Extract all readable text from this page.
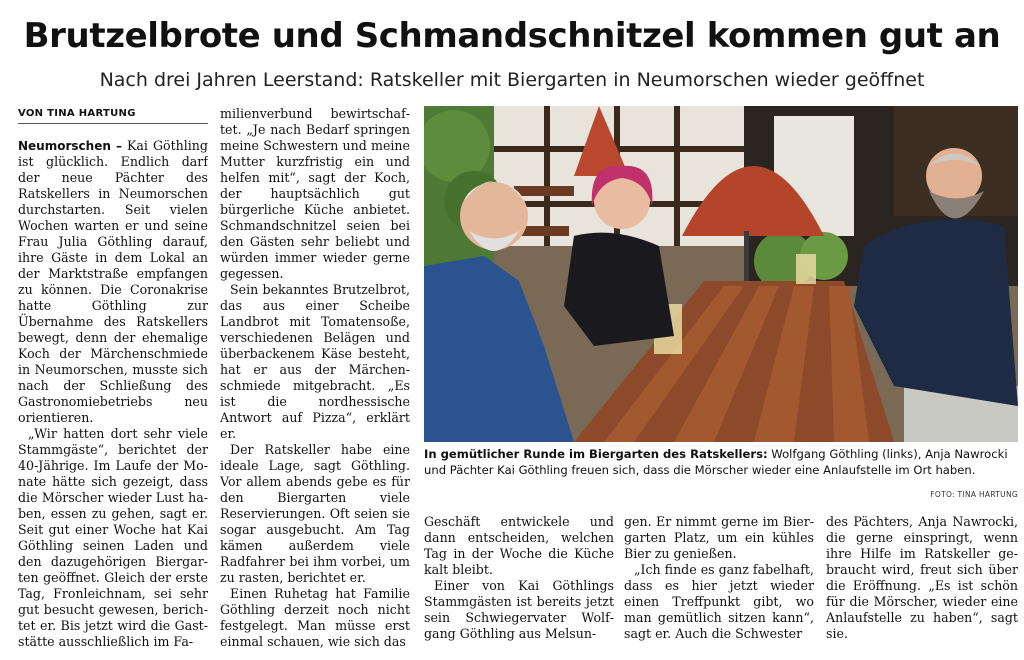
Brutzelbrote und Schmandschnitzel kommen gut an
Nach drei Jahren Leerstand: Ratskeller mit Biergarten in Neumorschen wieder geöffnet
VON TINA HARTUNG

Neumorschen – Kai Göthling ist glücklich. Endlich darf der neue Pächter des Ratskellers in Neumorschen durchstarten. Seit vielen Wochen warten er und seine Frau Julia Göthling darauf, ihre Gäste in dem Lokal an der Marktstraße empfangen zu können. Die Coronakrise hatte Göthling zur Übernahme des Ratskellers bewegt, denn der ehemalige Koch der Märchenschmiede in Neumorschen, musste sich nach der Schließung des Gastronomiebetriebs neu orientieren.

„Wir hatten dort sehr viele Stammgäste“, berichtet der 40-Jährige. Im Laufe der Monate hätte sich gezeigt, dass die Mörscher wieder Lust haben, essen zu gehen, sagt er. Seit gut einer Woche hat Kai Göthling seinen Laden und den dazugehörigen Biergarten geöffnet. Gleich der erste Tag, Fronleichnam, sei sehr gut besucht gewesen, berichtet er. Bis jetzt wird die Gaststätte ausschließlich im Fa-

milienverbund bewirtschaftet. „Je nach Bedarf springen meine Schwestern und meine Mutter kurzfristig ein und helfen mit“, sagt der Koch, der hauptsächlich gut bürgerliche Küche anbietet. Schmandschnitzel seien bei den Gästen sehr beliebt und würden immer wieder gerne gegessen.

Sein bekanntes Brutzelbrot, das aus einer Scheibe Landbrot mit Tomatensoße, verschiedenen Belägen und überbackenem Käse besteht, hat er aus der Märchenschmiede mitgebracht. „Es ist die nordhessische Antwort auf Pizza“, erklärt er.

Der Ratskeller habe eine ideale Lage, sagt Göthling. Vor allem abends gebe es für den Biergarten viele Reservierungen. Oft seien sie sogar ausgebucht. Am Tag kämen außerdem viele Radfahrer bei ihm vorbei, um zu rasten, berichtet er.

Einen Ruhetag hat Familie Göthling derzeit noch nicht festgelegt. Man müsse erst einmal schauen, wie sich das

In gemütlicher Runde im Biergarten des Ratskellers: Wolfgang Göthling (links), Anja Nawrocki und Pächter Kai Göthling freuen sich, dass die Mörscher wieder eine Anlaufstelle im Ort haben.
FOTO: TINA HARTUNG

Geschäft entwickele und dann entscheiden, welchen Tag in der Woche die Küche kalt bleibt.

Einer von Kai Göthlings Stammgästen ist bereits jetzt sein Schwiegervater Wolfgang Göthling aus Melsun-

gen. Er nimmt gerne im Biergarten Platz, um ein kühles Bier zu genießen.

„Ich finde es ganz fabelhaft, dass es hier jetzt wieder einen Treffpunkt gibt, wo man gemütlich sitzen kann“, sagt er. Auch die Schwester

des Pächters, Anja Nawrocki, die gerne einspringt, wenn ihre Hilfe im Ratskeller gebraucht wird, freut sich über die Eröffnung. „Es ist schön für die Mörscher, wieder eine Anlaufstelle zu haben“, sagt sie.
